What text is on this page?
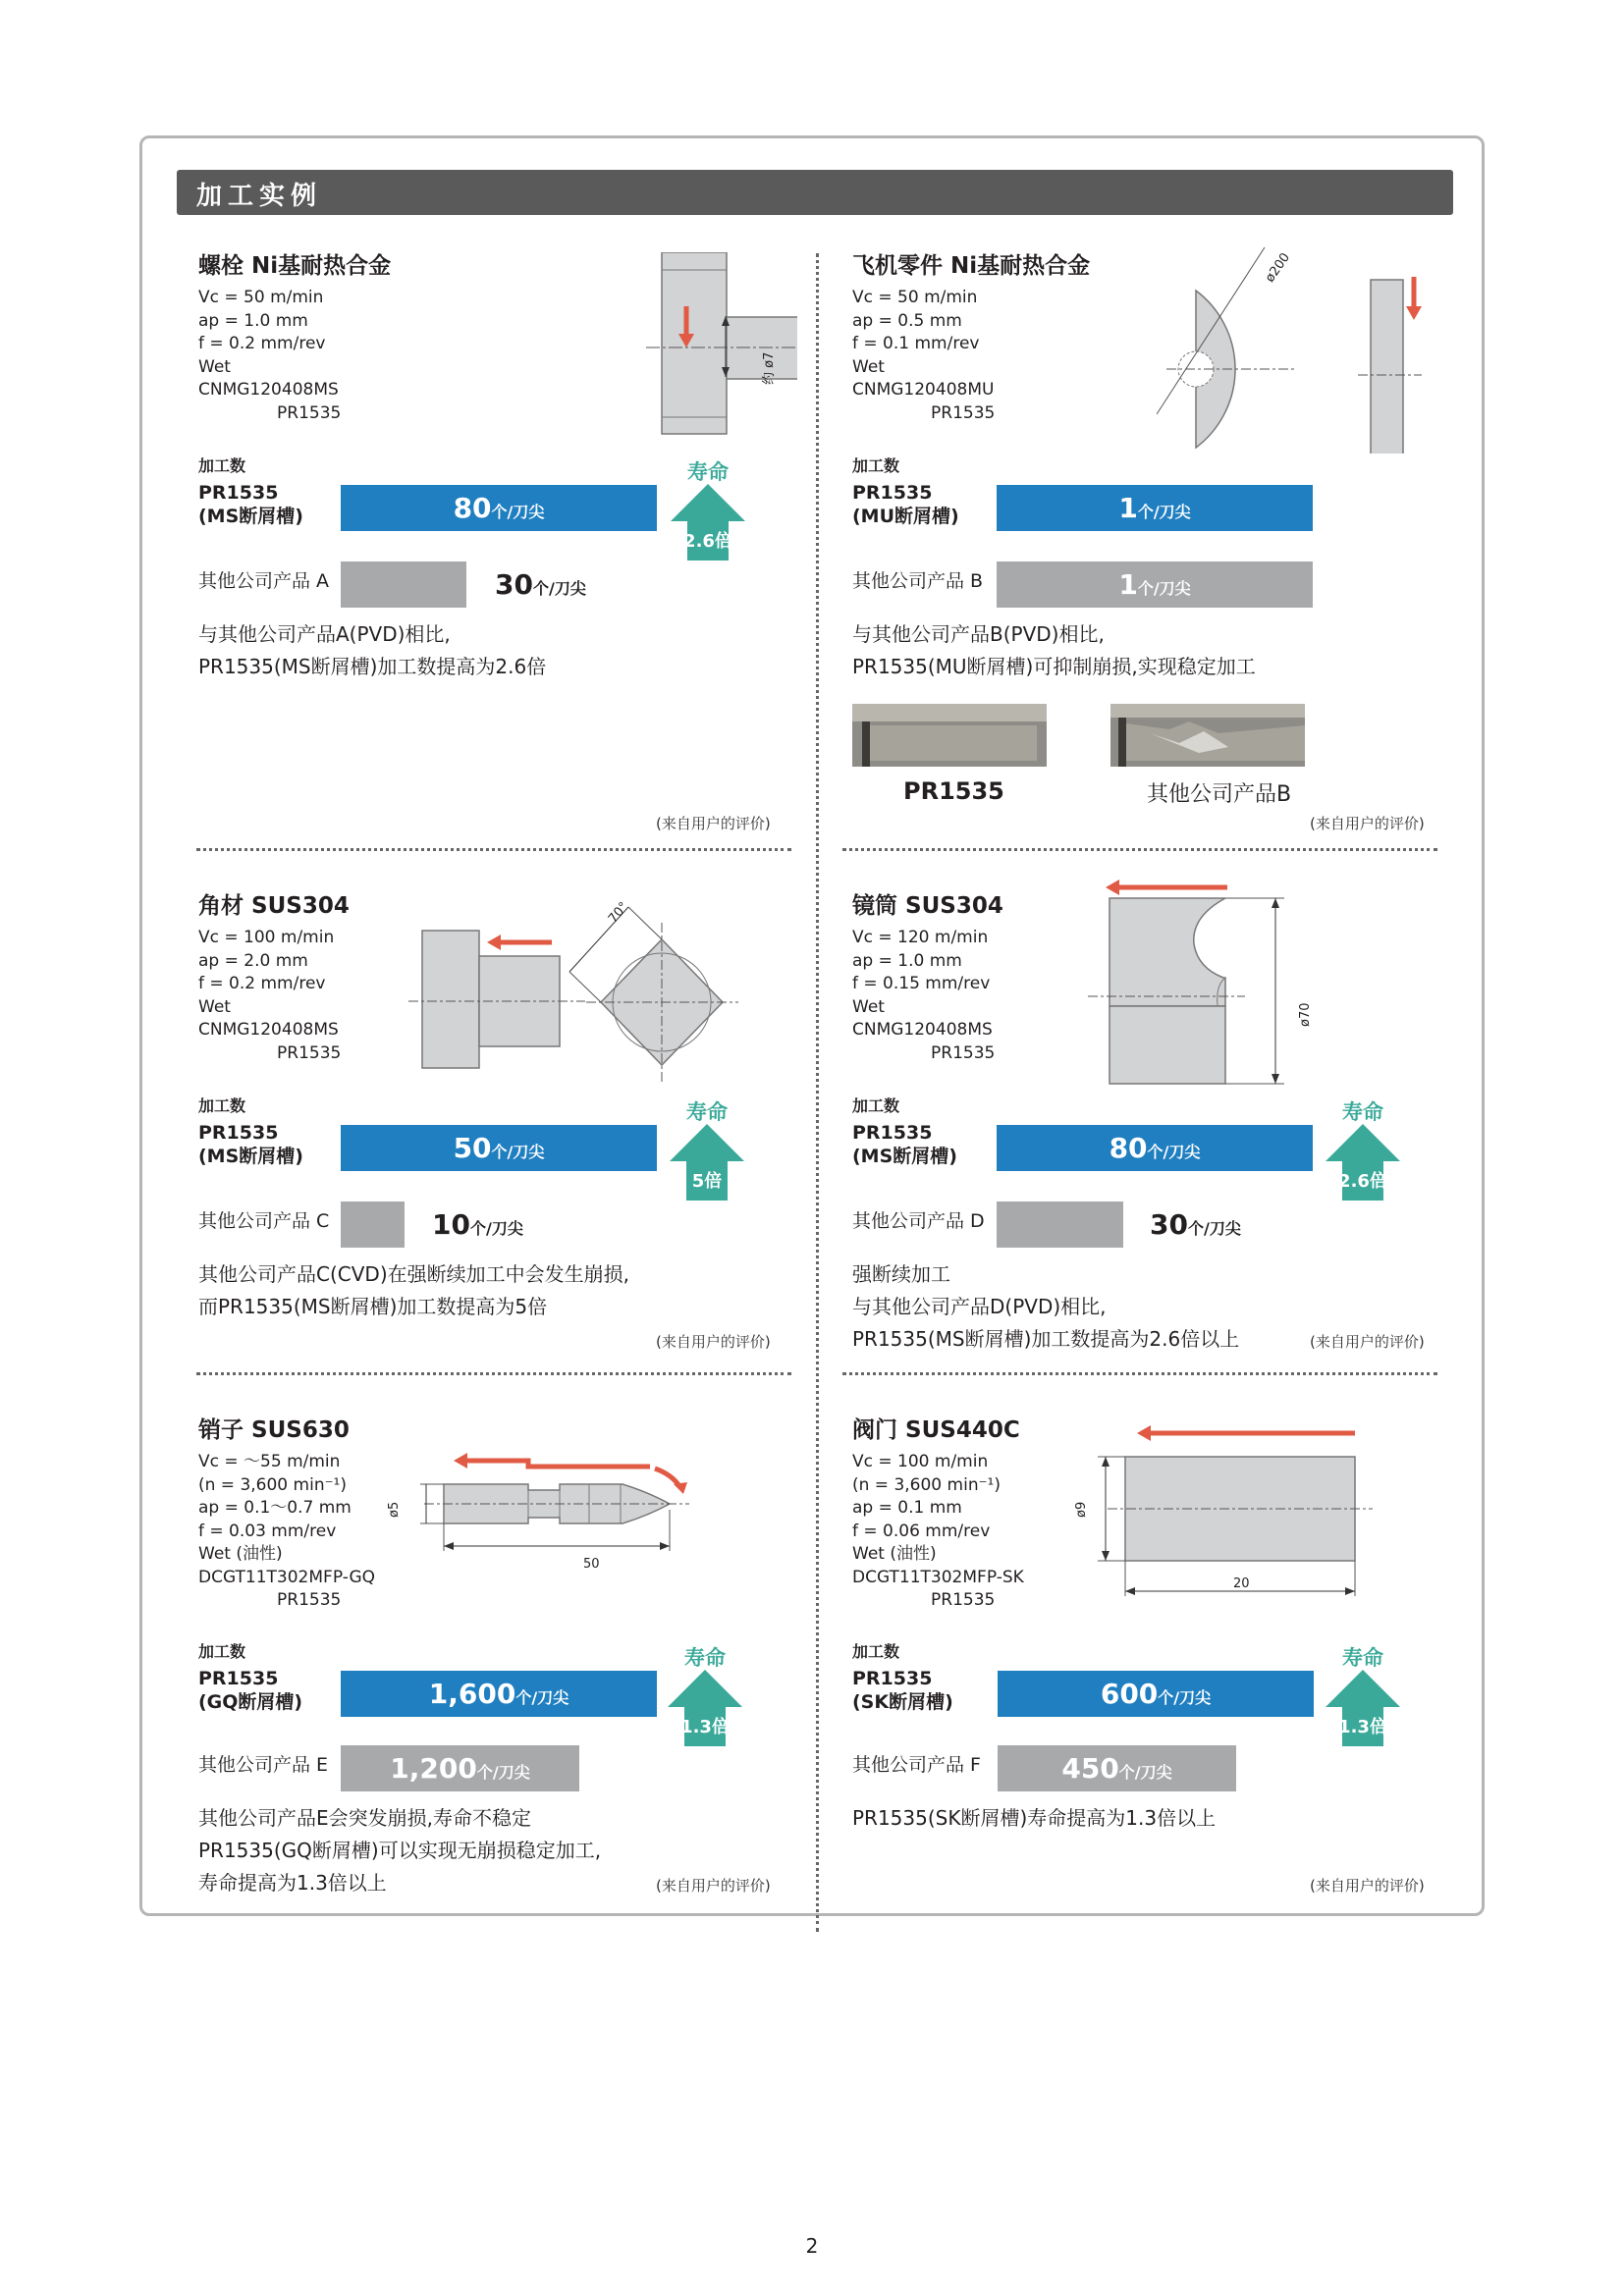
加工实例
螺栓 Ni基耐热合金
Vc = 50 m/min
ap = 1.0 mm
f = 0.2 mm/rev
Wet
CNMG120408MS
PR1535
约 ø7
加工数
PR1535
(MS断屑槽)	80个/刀尖
寿命
2.6倍
其他公司产品 A	30个/刀尖
与其他公司产品A(PVD)相比,
PR1535(MS断屑槽)加工数提高为2.6倍
(来自用户的评价)
飞机零件 Ni基耐热合金
Vc = 50 m/min
ap = 0.5 mm
f = 0.1 mm/rev
Wet
CNMG120408MU
PR1535
ø200
加工数
PR1535
(MU断屑槽)	1个/刀尖
其他公司产品 B	1个/刀尖
与其他公司产品B(PVD)相比,
PR1535(MU断屑槽)可抑制崩损,实现稳定加工
PR1535	其他公司产品B
(来自用户的评价)
角材 SUS304
Vc = 100 m/min
ap = 2.0 mm
f = 0.2 mm/rev
Wet
CNMG120408MS
PR1535
70°
加工数
PR1535
(MS断屑槽)	50个/刀尖
寿命
5倍
其他公司产品 C	10个/刀尖
其他公司产品C(CVD)在强断续加工中会发生崩损,
而PR1535(MS断屑槽)加工数提高为5倍
(来自用户的评价)
镜筒 SUS304
Vc = 120 m/min
ap = 1.0 mm
f = 0.15 mm/rev
Wet
CNMG120408MS
PR1535
ø70
加工数
PR1535
(MS断屑槽)	80个/刀尖
寿命
2.6倍
其他公司产品 D	30个/刀尖
强断续加工
与其他公司产品D(PVD)相比,
PR1535(MS断屑槽)加工数提高为2.6倍以上	(来自用户的评价)
销子 SUS630
Vc = ～55 m/min
(n = 3,600 min⁻¹)
ap = 0.1～0.7 mm
f = 0.03 mm/rev
Wet (油性)
DCGT11T302MFP-GQ
PR1535
50
ø5
加工数
PR1535
(GQ断屑槽)	1,600个/刀尖
寿命
1.3倍
其他公司产品 E	1,200个/刀尖
其他公司产品E会突发崩损,寿命不稳定
PR1535(GQ断屑槽)可以实现无崩损稳定加工,
寿命提高为1.3倍以上	(来自用户的评价)
阀门 SUS440C
Vc = 100 m/min
(n = 3,600 min⁻¹)
ap = 0.1 mm
f = 0.06 mm/rev
Wet (油性)
DCGT11T302MFP-SK
PR1535
20
ø9
加工数
PR1535
(SK断屑槽)	600个/刀尖
寿命
1.3倍
其他公司产品 F	450个/刀尖
PR1535(SK断屑槽)寿命提高为1.3倍以上
(来自用户的评价)
2
